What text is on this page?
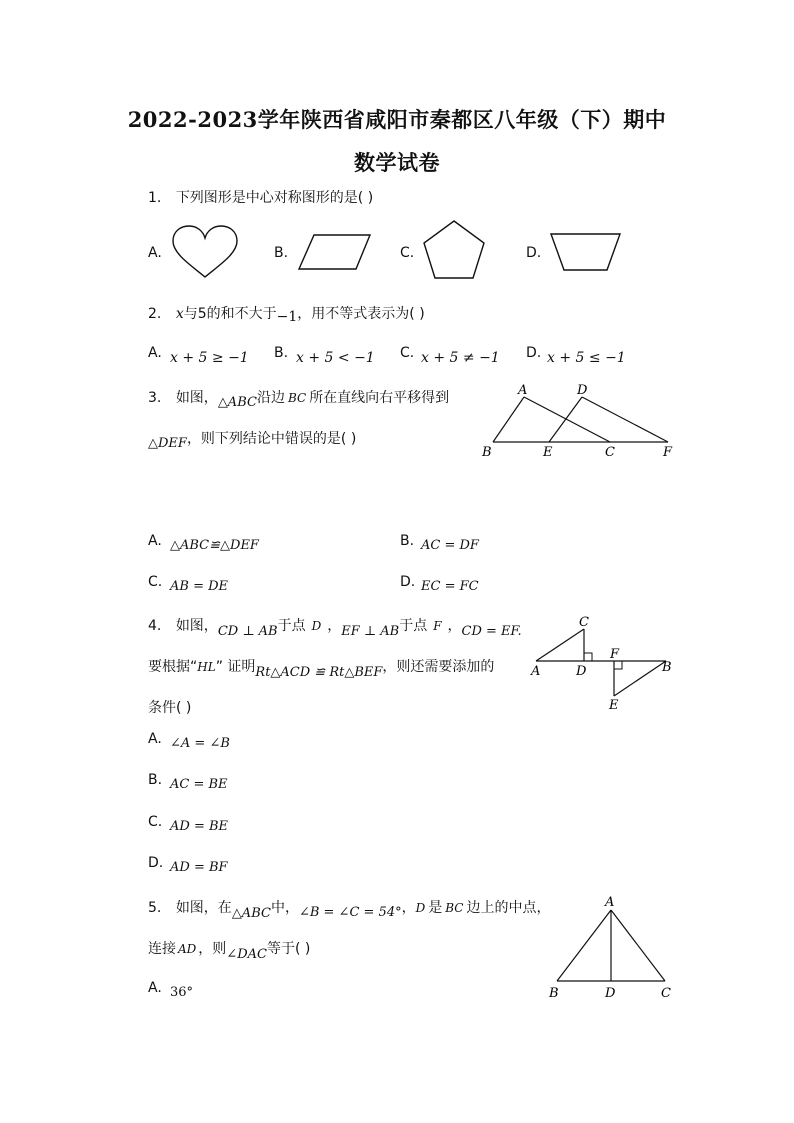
2022-2023学年陕西省咸阳市秦都区八年级（下）期中
数学试卷
1. 下列图形是中心对称图形的是( )
A.	B.	C.	D.
2. x与5的和不大于−1，用不等式表示为( )
A. x + 5 ≥ −1 B. x + 5 < −1 C. x + 5 ≠ −1 D. x + 5 ≤ −1
3. 如图，△ABC沿边 BC 所在直线向右平移得到
△DEF，则下列结论中错误的是( )
A	D
B	E	C	F
A. △ABC≌△DEF	B. AC = DF
C. AB = DE	D. EC = FC
4. 如图，CD ⊥ AB于点 D ，EF ⊥ AB于点 F ，CD = EF.
要根据“HL” 证明Rt△ACD ≌ Rt△BEF，则还需要添加的
条件( )
C
F
A	D	B
E
A. ∠A = ∠B
B. AC = BE
C. AD = BE
D. AD = BF
5. 如图，在△ABC中，∠B = ∠C = 54°，D 是 BC 边上的中点，
连接 AD ，则∠DAC等于( )
A
B	D	C
A. 36°
